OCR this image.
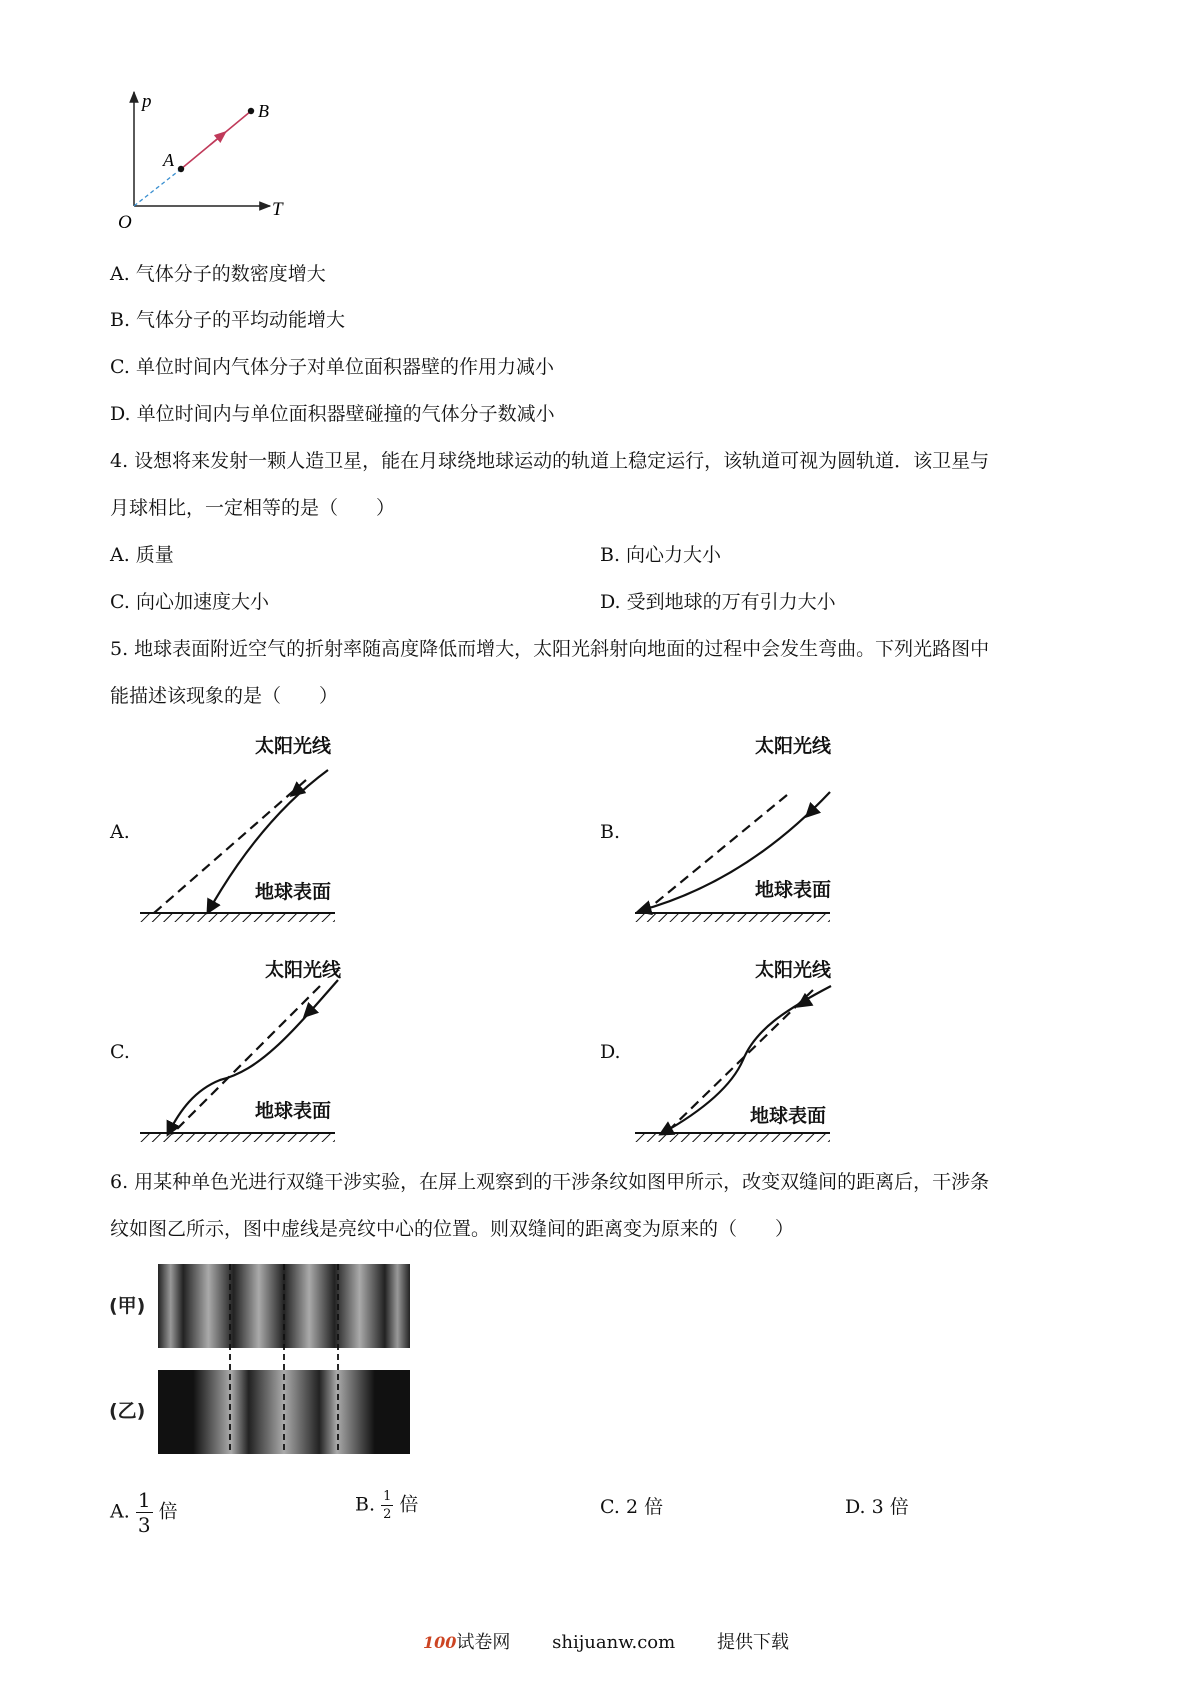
p
T
O
A
B
A. 气体分子的数密度增大
B. 气体分子的平均动能增大
C. 单位时间内气体分子对单位面积器壁的作用力减小
D. 单位时间内与单位面积器壁碰撞的气体分子数减小
4. 设想将来发射一颗人造卫星，能在月球绕地球运动的轨道上稳定运行，该轨道可视为圆轨道．该卫星与
月球相比，一定相等的是（　　）
A. 质量	B. 向心力大小
C. 向心加速度大小	D. 受到地球的万有引力大小
5. 地球表面附近空气的折射率随高度降低而增大，太阳光斜射向地面的过程中会发生弯曲。下列光路图中
能描述该现象的是（　　）
A.	B.
C.	D.
太阳光线
地球表面
太阳光线
地球表面
太阳光线
地球表面
太阳光线
地球表面
6. 用某种单色光进行双缝干涉实验，在屏上观察到的干涉条纹如图甲所示，改变双缝间的距离后，干涉条
纹如图乙所示，图中虚线是亮纹中心的位置。则双缝间的距离变为原来的（　　）
(甲)
(乙)
A. $\frac{1}{3}$ 倍	B. $\frac{1}{2}$ 倍	C. 2 倍	D. 3 倍
100试卷网 shijuanw.com 提供下载
